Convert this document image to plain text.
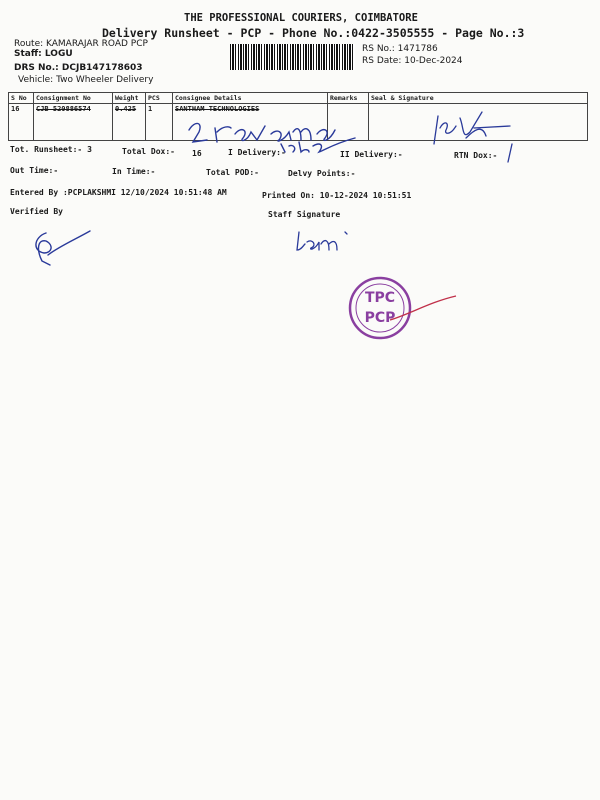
THE PROFESSIONAL COURIERS, COIMBATORE
Delivery Runsheet - PCP - Phone No.:0422-3505555 - Page No.:3
Route: KAMARAJAR ROAD PCP
Staff: LOGU
DRS No.: DCJB147178603
Vehicle: Two Wheeler Delivery
RS No.: 1471786
RS Date: 10-Dec-2024
S No	Consignment No	Weight	PCS	Consignee Details	Remarks	Seal & Signature
16	CJB 520886574	0.425	1	SANTHAM TECHNOLOGIES		
Tot. Runsheet:- 3	Total Dox:- 16	I Delivery:-	II Delivery:-	RTN Dox:-
Out Time:-	In Time:-	Total POD:-	Delvy Points:-
Entered By :PCPLAKSHMI 12/10/2024 10:51:48 AM	Printed On: 10-12-2024 10:51:51
Verified By	Staff Signature
TPC
PCP
